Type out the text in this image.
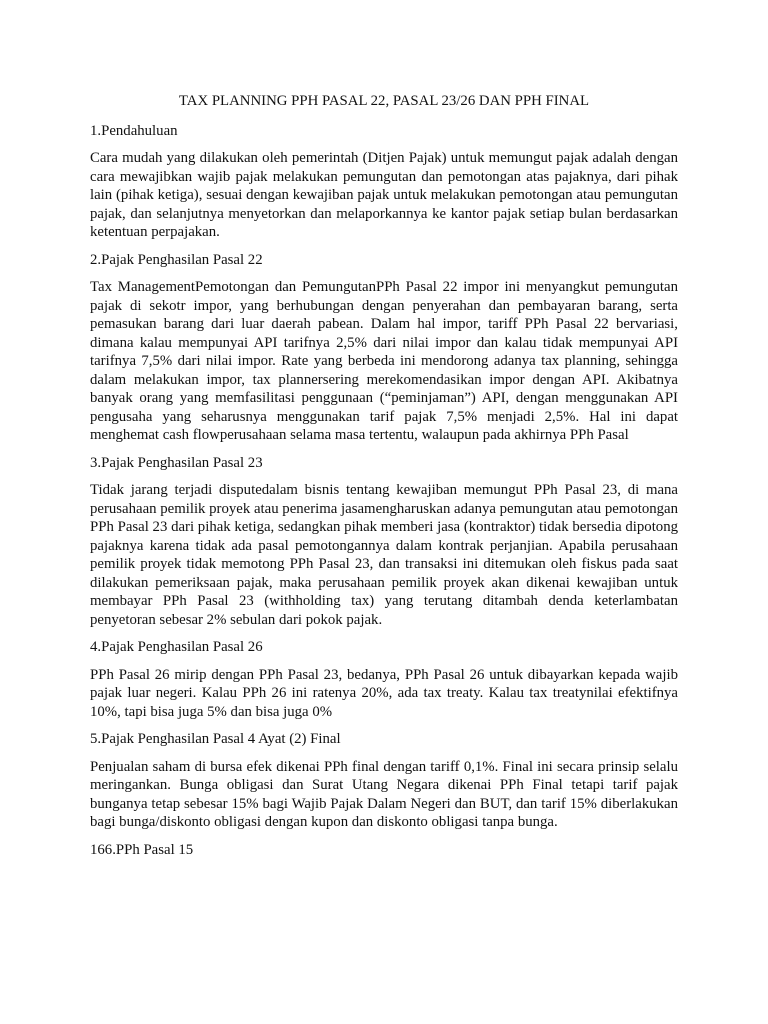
TAX PLANNING PPH PASAL 22, PASAL 23/26 DAN PPH FINAL
1.Pendahuluan
Cara mudah yang dilakukan oleh pemerintah (Ditjen Pajak) untuk memungut pajak adalah dengan cara mewajibkan wajib pajak melakukan pemungutan dan pemotongan atas pajaknya, dari pihak lain (pihak ketiga), sesuai dengan kewajiban pajak untuk melakukan pemotongan atau pemungutan pajak, dan selanjutnya menyetorkan dan melaporkannya ke kantor pajak setiap bulan berdasarkan ketentuan perpajakan.
2.Pajak Penghasilan Pasal 22
Tax ManagementPemotongan dan PemungutanPPh Pasal 22 impor ini menyangkut pemungutan pajak di sekotr impor, yang berhubungan dengan penyerahan dan pembayaran barang, serta pemasukan barang dari luar daerah pabean. Dalam hal impor, tariff PPh Pasal 22 bervariasi, dimana kalau mempunyai API tarifnya 2,5% dari nilai impor dan kalau tidak mempunyai API tarifnya 7,5% dari nilai impor. Rate yang berbeda ini mendorong adanya tax planning, sehingga dalam melakukan impor, tax plannersering merekomendasikan impor dengan API. Akibatnya banyak orang yang memfasilitasi penggunaan (“peminjaman”) API, dengan menggunakan API pengusaha yang seharusnya menggunakan tarif pajak 7,5% menjadi 2,5%. Hal ini dapat menghemat cash flowperusahaan selama masa tertentu, walaupun pada akhirnya PPh Pasal
3.Pajak Penghasilan Pasal 23
Tidak jarang terjadi disputedalam bisnis tentang kewajiban memungut PPh Pasal 23, di mana perusahaan pemilik proyek atau penerima jasamengharuskan adanya pemungutan atau pemotongan PPh Pasal 23 dari pihak ketiga, sedangkan pihak memberi jasa (kontraktor) tidak bersedia dipotong pajaknya karena tidak ada pasal pemotongannya dalam kontrak perjanjian. Apabila perusahaan pemilik proyek tidak memotong PPh Pasal 23, dan transaksi ini ditemukan oleh fiskus pada saat dilakukan pemeriksaan pajak, maka perusahaan pemilik proyek akan dikenai kewajiban untuk membayar PPh Pasal 23 (withholding tax) yang terutang ditambah denda keterlambatan penyetoran sebesar 2% sebulan dari pokok pajak.
4.Pajak Penghasilan Pasal 26
PPh Pasal 26 mirip dengan PPh Pasal 23, bedanya, PPh Pasal 26 untuk dibayarkan kepada wajib pajak luar negeri. Kalau PPh 26 ini ratenya 20%, ada tax treaty. Kalau tax treatynilai efektifnya 10%, tapi bisa juga 5% dan bisa juga 0%
5.Pajak Penghasilan Pasal 4 Ayat (2) Final
Penjualan saham di bursa efek dikenai PPh final dengan tariff 0,1%. Final ini secara prinsip selalu meringankan. Bunga obligasi dan Surat Utang Negara dikenai PPh Final tetapi tarif pajak bunganya tetap sebesar 15% bagi Wajib Pajak Dalam Negeri dan BUT, dan tarif 15% diberlakukan bagi bunga/diskonto obligasi dengan kupon dan diskonto obligasi tanpa bunga.
166.PPh Pasal 15
